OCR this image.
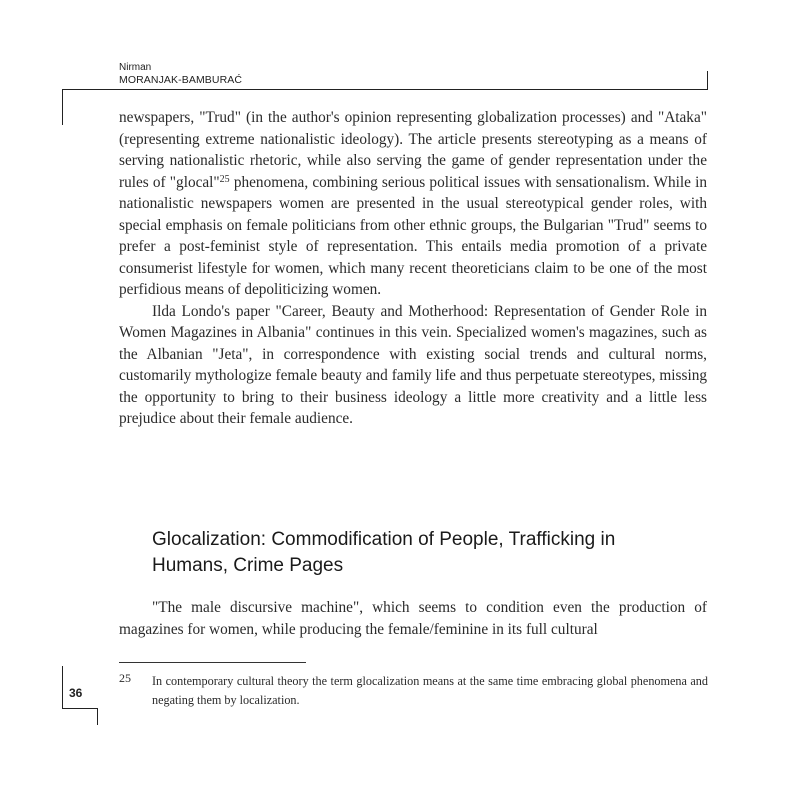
Nirman
MORANJAK-BAMBURAĆ

newspapers, "Trud" (in the author's opinion representing globalization processes) and "Ataka" (representing extreme nationalistic ideology). The article presents stereotyping as a means of serving nationalistic rhetoric, while also serving the game of gender representation under the rules of "glocal"$^{25}$ phenomena, combining serious political issues with sensationalism. While in nationalistic newspapers women are presented in the usual stereotypical gender roles, with special emphasis on female politicians from other ethnic groups, the Bulgarian "Trud" seems to prefer a post-feminist style of representation. This entails media promotion of a private consumerist lifestyle for women, which many recent theoreticians claim to be one of the most perfidious means of depoliticizing women.

Ilda Londo's paper "Career, Beauty and Motherhood: Representation of Gender Role in Women Magazines in Albania" continues in this vein. Specialized women's magazines, such as the Albanian "Jeta", in correspondence with existing social trends and cultural norms, customarily mythologize female beauty and family life and thus perpetuate stereotypes, missing the opportunity to bring to their business ideology a little more creativity and a little less prejudice about their female audience.

Glocalization: Commodification of People, Trafficking in
Humans, Crime Pages

"The male discursive machine", which seems to condition even the production of magazines for women, while producing the female/feminine in its full cultural

25 In contemporary cultural theory the term glocalization means at the same time embracing global phenomena and negating them by localization.
36
